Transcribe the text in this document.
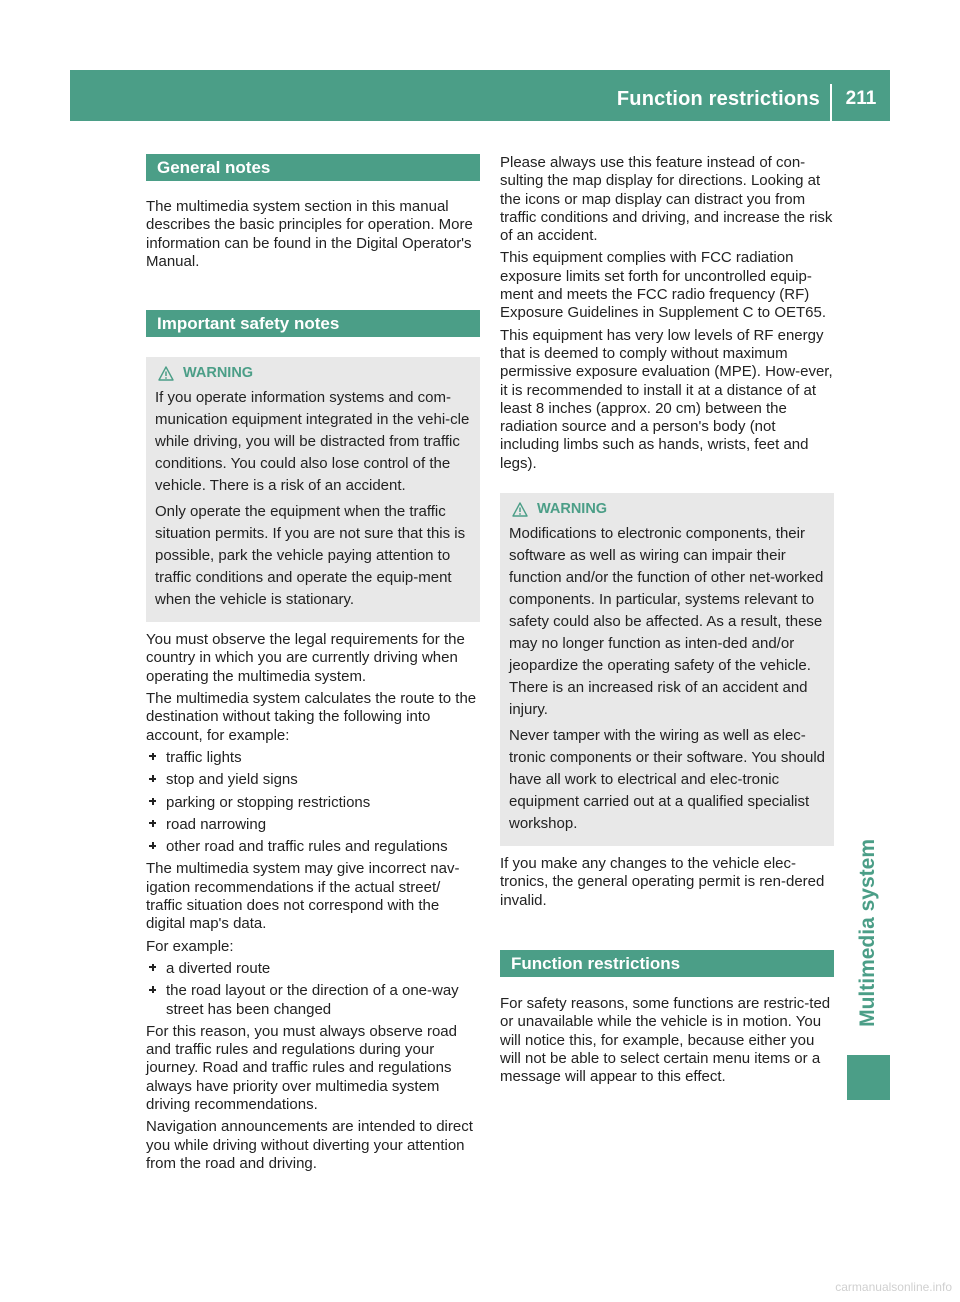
Function restrictions	211
Multimedia system
General notes

The multimedia system section in this manual describes the basic principles for operation. More information can be found in the Digital Operator's Manual.

Important safety notes
WARNING

If you operate information systems and com-munication equipment integrated in the vehi-cle while driving, you will be distracted from traffic conditions. You could also lose control of the vehicle. There is a risk of an accident.

Only operate the equipment when the traffic situation permits. If you are not sure that this is possible, park the vehicle paying attention to traffic conditions and operate the equip-ment when the vehicle is stationary.

You must observe the legal requirements for the country in which you are currently driving when operating the multimedia system.

The multimedia system calculates the route to the destination without taking the following into account, for example:

traffic lights
stop and yield signs
parking or stopping restrictions
road narrowing
other road and traffic rules and regulations

The multimedia system may give incorrect nav-igation recommendations if the actual street/ traffic situation does not correspond with the digital map's data.

For example:

a diverted route
the road layout or the direction of a one-way street has been changed

For this reason, you must always observe road and traffic rules and regulations during your journey. Road and traffic rules and regulations always have priority over multimedia system driving recommendations.

Navigation announcements are intended to direct you while driving without diverting your attention from the road and driving.

Please always use this feature instead of con-sulting the map display for directions. Looking at the icons or map display can distract you from traffic conditions and driving, and increase the risk of an accident.

This equipment complies with FCC radiation exposure limits set forth for uncontrolled equip-ment and meets the FCC radio frequency (RF) Exposure Guidelines in Supplement C to OET65.

This equipment has very low levels of RF energy that is deemed to comply without maximum permissive exposure evaluation (MPE). How-ever, it is recommended to install it at a distance of at least 8 inches (approx. 20 cm) between the radiation source and a person's body (not including limbs such as hands, wrists, feet and legs).

WARNING

Modifications to electronic components, their software as well as wiring can impair their function and/or the function of other net-worked components. In particular, systems relevant to safety could also be affected. As a result, these may no longer function as inten-ded and/or jeopardize the operating safety of the vehicle. There is an increased risk of an accident and injury.

Never tamper with the wiring as well as elec-tronic components or their software. You should have all work to electrical and elec-tronic equipment carried out at a qualified specialist workshop.

If you make any changes to the vehicle elec-tronics, the general operating permit is ren-dered invalid.

Function restrictions

For safety reasons, some functions are restric-ted or unavailable while the vehicle is in motion. You will notice this, for example, because either you will not be able to select certain menu items or a message will appear to this effect.

carmanualsonline.info
